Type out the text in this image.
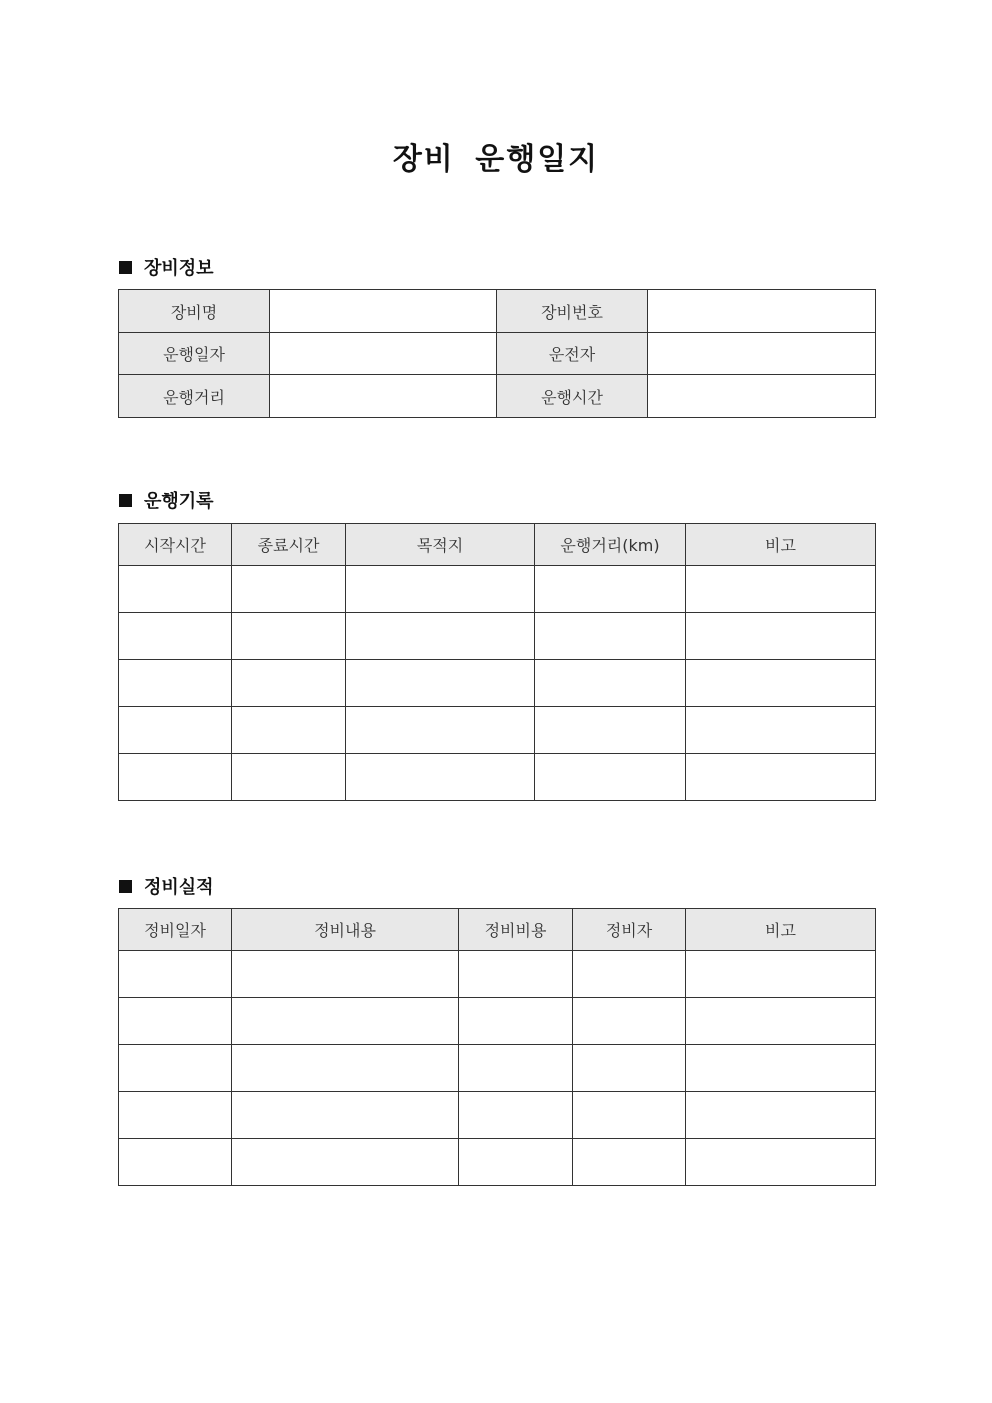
장비 운행일지
장비정보
장비명		장비번호	
운행일자		운전자	
운행거리		운행시간	
운행기록
시작시간	종료시간	목적지	운행거리(km)	비고

정비실적
정비일자	정비내용	정비비용	정비자	비고
